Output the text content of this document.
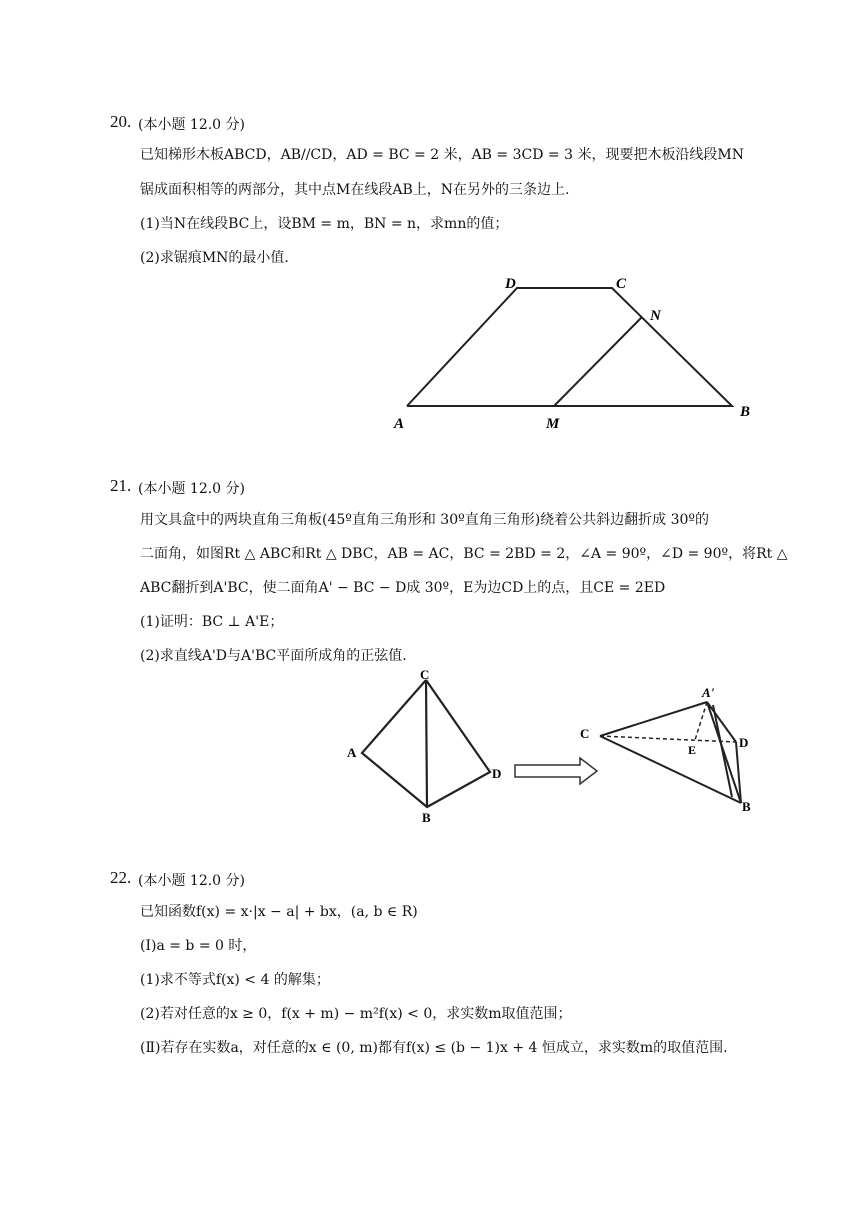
20. (本小题 12.0 分)
已知梯形木板ABCD，AB//CD，AD = BC = 2 米，AB = 3CD = 3 米，现要把木板沿线段MN
锯成面积相等的两部分，其中点M在线段AB上，N在另外的三条边上.
(1)当N在线段BC上，设BM = m，BN = n，求mn的值；
(2)求锯痕MN的最小值.
A
D	C
N
M
B
21. (本小题 12.0 分)
用文具盒中的两块直角三角板(45º直角三角形和 30º直角三角形)绕着公共斜边翻折成 30º的
二面角，如图Rt △ ABC和Rt △ DBC，AB = AC，BC = 2BD = 2，∠A = 90º，∠D = 90º，将Rt △
ABC翻折到A'BC，使二面角A' − BC − D成 30º，E为边CD上的点，且CE = 2ED
(1)证明：BC ⊥ A'E；
(2)求直线A'D与A'BC平面所成角的正弦值.
C
A
D
B
C
A'
E	D
B
22. (本小题 12.0 分)
已知函数f(x) = x·|x − a| + bx，(a, b ∈ R)
(Ⅰ)a = b = 0 时，
(1)求不等式f(x) < 4 的解集；
(2)若对任意的x ≥ 0，f(x + m) − m²f(x) < 0，求实数m取值范围；
(Ⅱ)若存在实数a，对任意的x ∈ (0, m)都有f(x) ≤ (b − 1)x + 4 恒成立，求实数m的取值范围.
